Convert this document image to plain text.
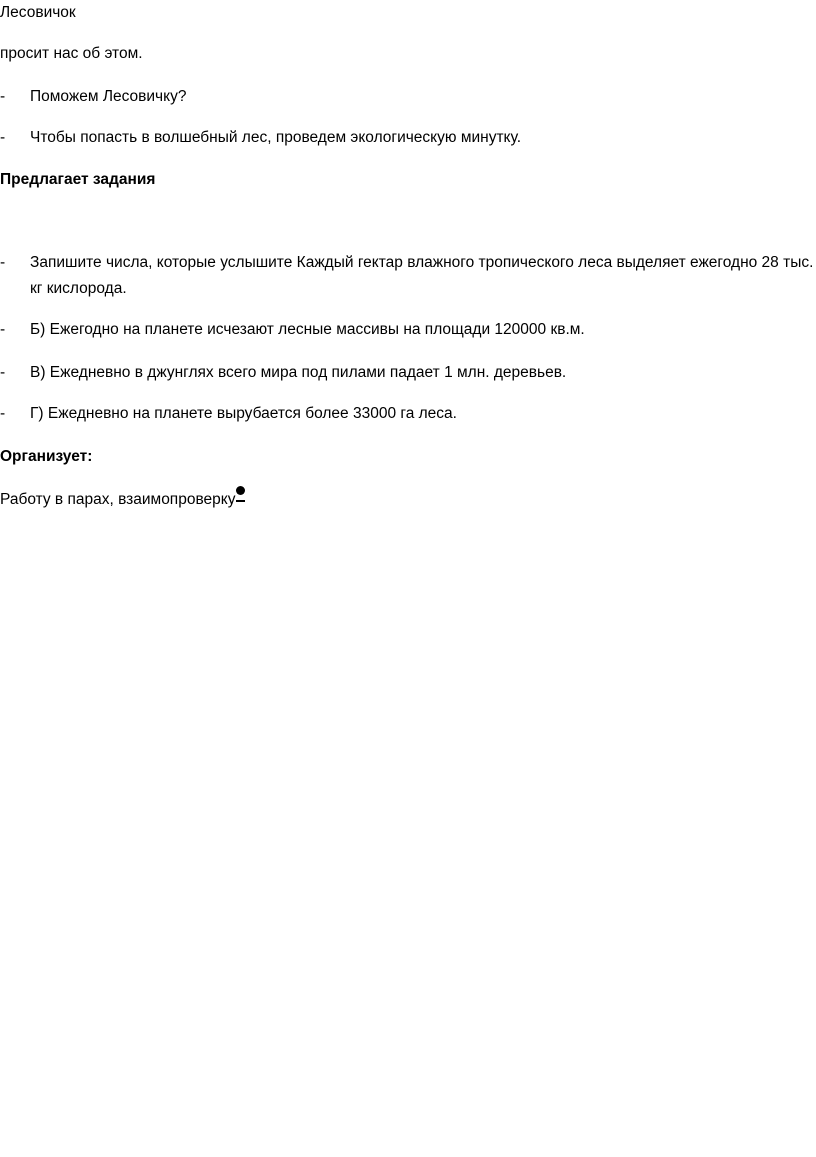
Лесовичок

просит нас об этом.

- Поможем Лесовичку?
- Чтобы попасть в волшебный лес, проведем экологическую минутку.

Предлагает задания

- Запишите числа, которые услышите Каждый гектар влажного тропического леса выделяет ежегодно 28 тыс. кг кислорода.
- Б) Ежегодно на планете исчезают лесные массивы на площади 120000 кв.м.
- В) Ежедневно в джунглях всего мира под пилами падает 1 млн. деревьев.
- Г) Ежедневно на планете вырубается более 33000 га леса.

Организует:

Работу в парах, взаимопроверку
